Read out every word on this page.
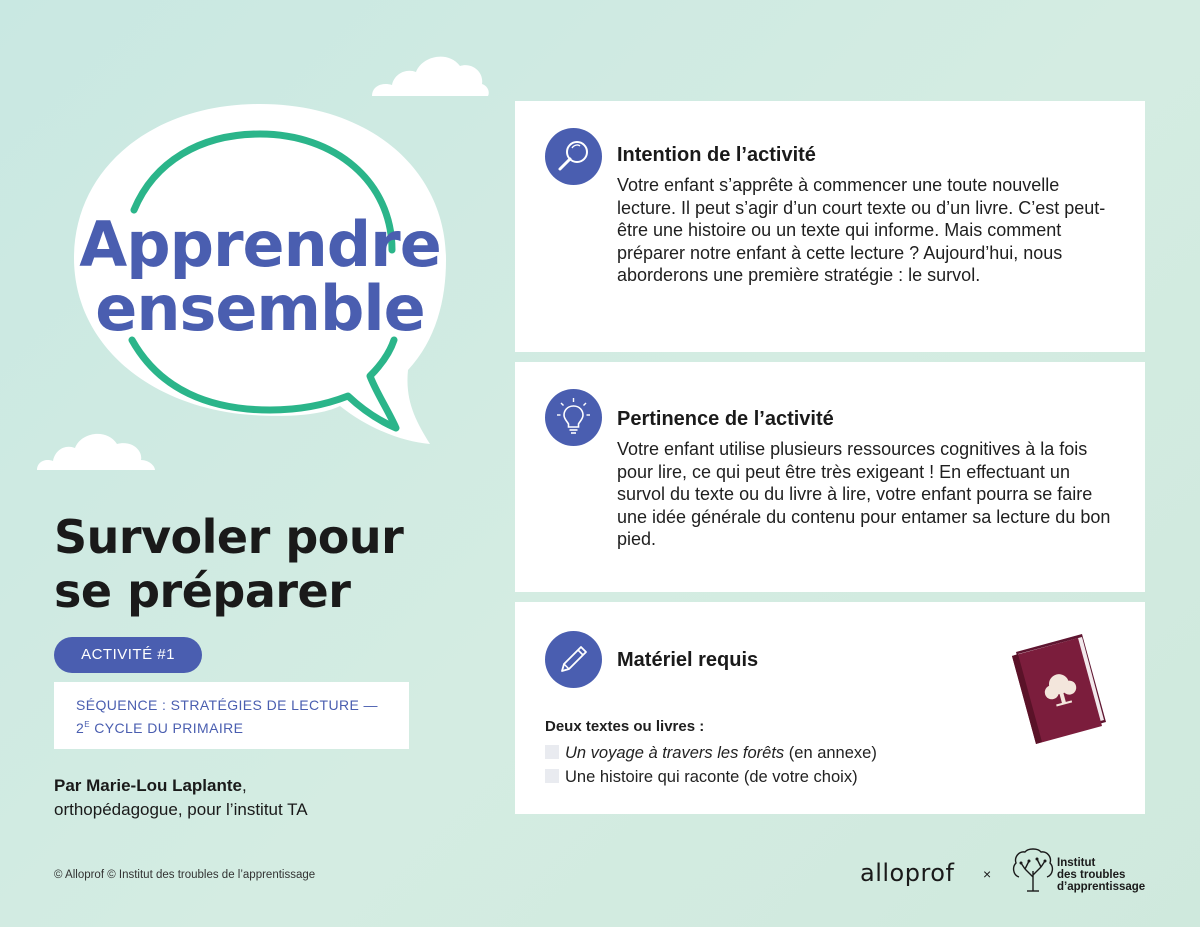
Apprendre
ensemble
Survoler pour
se préparer
ACTIVITÉ #1
SÉQUENCE : STRATÉGIES DE LECTURE —
$2^E$ CYCLE DU PRIMAIRE
Par Marie-Lou Laplante,
orthopédagogue, pour l’institut TA
© Alloprof © Institut des troubles de l’apprentissage
Intention de l’activité
Votre enfant s’apprête à commencer une toute nouvelle lecture. Il peut s’agir d’un court texte ou d’un livre. C’est peut-être une histoire ou un texte qui informe. Mais comment préparer notre enfant à cette lecture ? Aujourd’hui, nous aborderons une première stratégie : le survol.
Pertinence de l’activité
Votre enfant utilise plusieurs ressources cognitives à la fois pour lire, ce qui peut être très exigeant ! En effectuant un survol du texte ou du livre à lire, votre enfant pourra se faire une idée générale du contenu pour entamer sa lecture du bon pied.
Matériel requis
Deux textes ou livres :
Un voyage à travers les forêts (en annexe)
Une histoire qui raconte (de votre choix)
alloprof ×
Institut
des troubles
d’apprentissage
